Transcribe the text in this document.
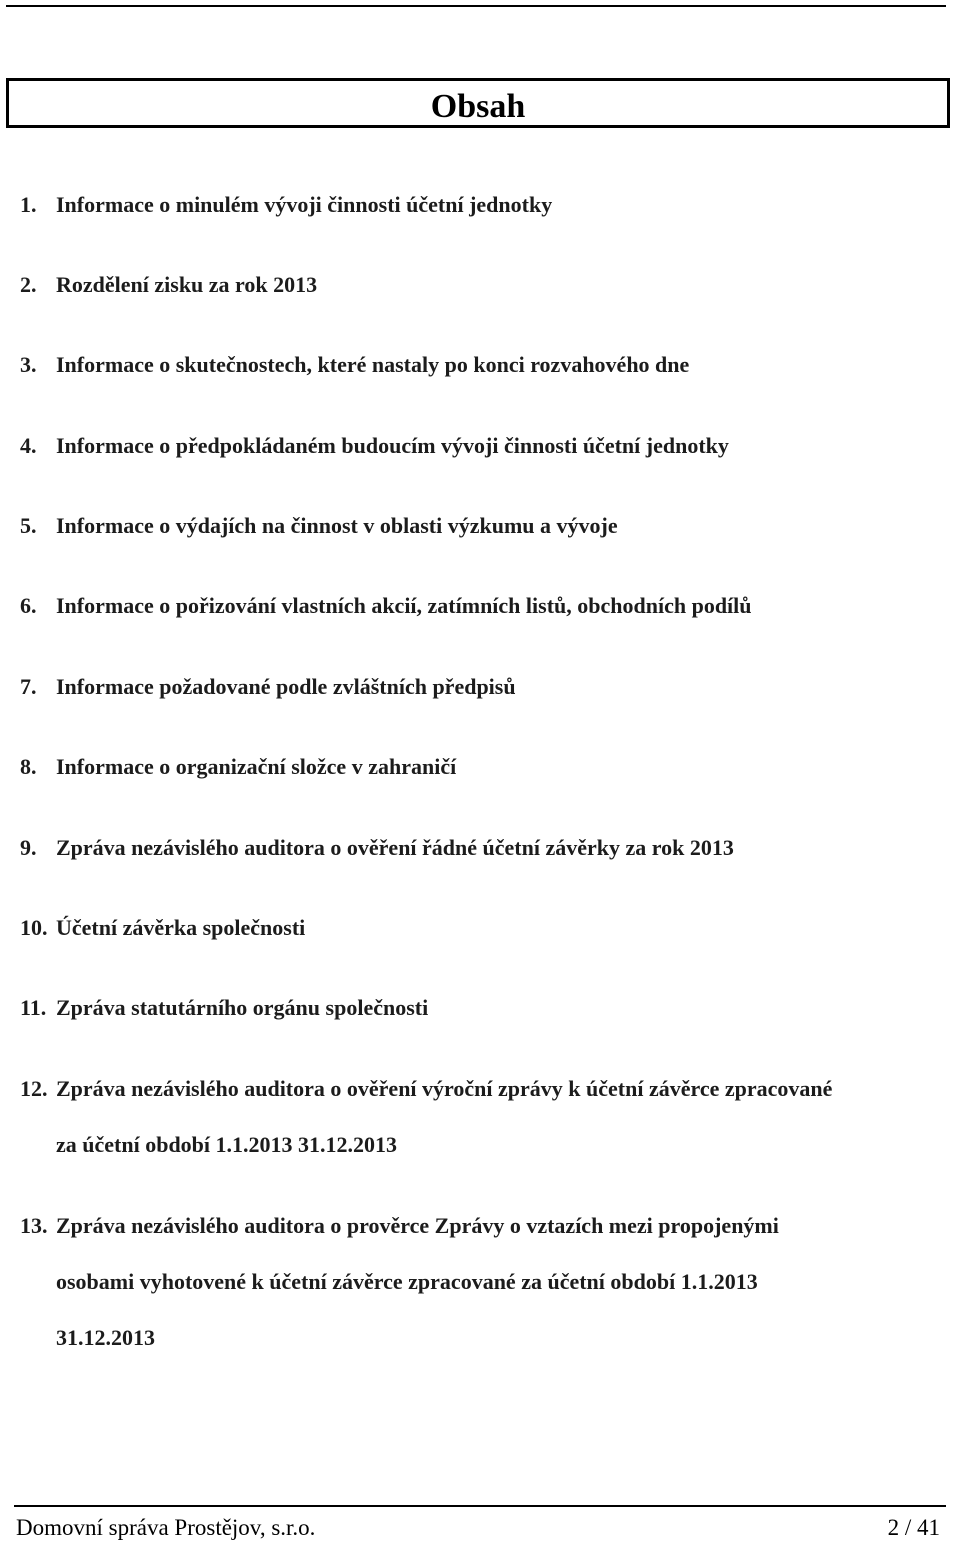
Obsah
1. Informace o minulém vývoji činnosti účetní jednotky
2. Rozdělení zisku za rok 2013
3. Informace o skutečnostech, které nastaly po konci rozvahového dne
4. Informace o předpokládaném budoucím vývoji činnosti účetní jednotky
5. Informace o výdajích na činnost v oblasti výzkumu a vývoje
6. Informace o pořizování vlastních akcií, zatímních listů, obchodních podílů
7. Informace požadované podle zvláštních předpisů
8. Informace o organizační složce v zahraničí
9. Zpráva nezávislého auditora o ověření řádné účetní závěrky za rok 2013
10. Účetní závěrka společnosti
11. Zpráva statutárního orgánu společnosti
12. Zpráva nezávislého auditora o ověření výroční zprávy k účetní závěrce zpracované
za účetní období 1.1.2013 31.12.2013
13. Zpráva nezávislého auditora o prověrce Zprávy o vztazích mezi propojenými
osobami vyhotovené k účetní závěrce zpracované za účetní období 1.1.2013
31.12.2013
Domovní správa Prostějov, s.r.o.	2 / 41
